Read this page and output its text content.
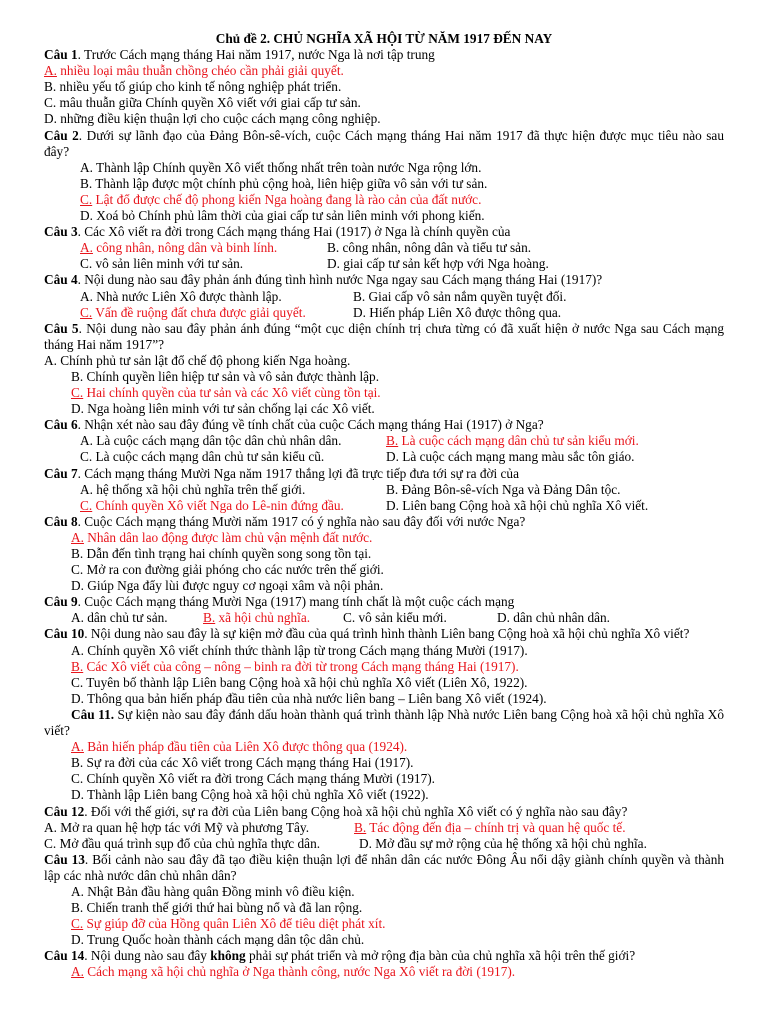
Chủ đề 2. CHỦ NGHĨA XÃ HỘI TỪ NĂM 1917 ĐẾN NAY
Câu 1. Trước Cách mạng tháng Hai năm 1917, nước Nga là nơi tập trung
A. nhiều loại mâu thuẫn chồng chéo cần phải giải quyết.
B. nhiều yếu tố giúp cho kinh tế nông nghiệp phát triển.
C. mâu thuẫn giữa Chính quyền Xô viết với giai cấp tư sản.
D. những điều kiện thuận lợi cho cuộc cách mạng công nghiệp.
Câu 2. Dưới sự lãnh đạo của Đảng Bôn-sê-vích, cuộc Cách mạng tháng Hai năm 1917 đã thực hiện được mục tiêu nào sau đây?
A. Thành lập Chính quyền Xô viết thống nhất trên toàn nước Nga rộng lớn.
B. Thành lập được một chính phủ cộng hoà, liên hiệp giữa vô sản với tư sản.
C. Lật đổ được chế độ phong kiến Nga hoàng đang là rào cản của đất nước.
D. Xoá bỏ Chính phủ lâm thời của giai cấp tư sản liên minh với phong kiến.
Câu 3. Các Xô viết ra đời trong Cách mạng tháng Hai (1917) ở Nga là chính quyền của
A. công nhân, nông dân và binh lính.	B. công nhân, nông dân và tiểu tư sản.
C. vô sản liên minh với tư sản.	D. giai cấp tư sản kết hợp với Nga hoàng.
Câu 4. Nội dung nào sau đây phản ánh đúng tình hình nước Nga ngay sau Cách mạng tháng Hai (1917)?
A. Nhà nước Liên Xô được thành lập.	B. Giai cấp vô sản nắm quyền tuyệt đối.
C. Vấn đề ruộng đất chưa được giải quyết.	D. Hiến pháp Liên Xô được thông qua.
Câu 5. Nội dung nào sau đây phản ánh đúng “một cục diện chính trị chưa từng có đã xuất hiện ở nước Nga sau Cách mạng tháng Hai năm 1917”?
A. Chính phủ tư sản lật đổ chế độ phong kiến Nga hoàng.
B. Chính quyền liên hiệp tư sản và vô sản được thành lập.
C. Hai chính quyền của tư sản và các Xô viết cùng tồn tại.
D. Nga hoàng liên minh với tư sản chống lại các Xô viết.
Câu 6. Nhận xét nào sau đây đúng về tính chất của cuộc Cách mạng tháng Hai (1917) ở Nga?
A. Là cuộc cách mạng dân tộc dân chủ nhân dân.	B. Là cuộc cách mạng dân chủ tư sản kiểu mới.
C. Là cuộc cách mạng dân chủ tư sản kiểu cũ.	D. Là cuộc cách mạng mang màu sắc tôn giáo.
Câu 7. Cách mạng tháng Mười Nga năm 1917 thắng lợi đã trực tiếp đưa tới sự ra đời của
A. hệ thống xã hội chủ nghĩa trên thế giới.	B. Đảng Bôn-sê-vích Nga và Đảng Dân tộc.
C. Chính quyền Xô viết Nga do Lê-nin đứng đầu.	D. Liên bang Cộng hoà xã hội chủ nghĩa Xô viết.
Câu 8. Cuộc Cách mạng tháng Mười năm 1917 có ý nghĩa nào sau đây đối với nước Nga?
A. Nhân dân lao động được làm chủ vận mệnh đất nước.
B. Dẫn đến tình trạng hai chính quyền song song tồn tại.
C. Mở ra con đường giải phóng cho các nước trên thế giới.
D. Giúp Nga đẩy lùi được nguy cơ ngoại xâm và nội phản.
Câu 9. Cuộc Cách mạng tháng Mười Nga (1917) mang tính chất là một cuộc cách mạng
A. dân chủ tư sản.	B. xã hội chủ nghĩa. C. vô sản kiểu mới.	D. dân chủ nhân dân.
Câu 10. Nội dung nào sau đây là sự kiện mở đầu của quá trình hình thành Liên bang Cộng hoà xã hội chủ nghĩa Xô viết?
A. Chính quyền Xô viết chính thức thành lập từ trong Cách mạng tháng Mười (1917).
B. Các Xô viết của công – nông – binh ra đời từ trong Cách mạng tháng Hai (1917).
C. Tuyên bố thành lập Liên bang Cộng hoà xã hội chủ nghĩa Xô viết (Liên Xô, 1922).
D. Thông qua bản hiến pháp đầu tiên của nhà nước liên bang – Liên bang Xô viết (1924).
Câu 11. Sự kiện nào sau đây đánh dấu hoàn thành quá trình thành lập Nhà nước Liên bang Cộng hoà xã hội chủ nghĩa Xô viết?
A. Bản hiến pháp đầu tiên của Liên Xô được thông qua (1924).
B. Sự ra đời của các Xô viết trong Cách mạng tháng Hai (1917).
C. Chính quyền Xô viết ra đời trong Cách mạng tháng Mười (1917).
D. Thành lập Liên bang Cộng hoà xã hội chủ nghĩa Xô viết (1922).
Câu 12. Đối với thế giới, sự ra đời của Liên bang Cộng hoà xã hội chủ nghĩa Xô viết có ý nghĩa nào sau đây?
A. Mở ra quan hệ hợp tác với Mỹ và phương Tây.	B. Tác động đến địa – chính trị và quan hệ quốc tế.
C. Mở đầu quá trình sụp đổ của chủ nghĩa thực dân.	D. Mở đầu sự mở rộng của hệ thống xã hội chủ nghĩa.
Câu 13. Bối cảnh nào sau đây đã tạo điều kiện thuận lợi để nhân dân các nước Đông Âu nổi dậy giành chính quyền và thành lập các nhà nước dân chủ nhân dân?
A. Nhật Bản đầu hàng quân Đồng minh vô điều kiện.
B. Chiến tranh thế giới thứ hai bùng nổ và đã lan rộng.
C. Sự giúp đỡ của Hồng quân Liên Xô để tiêu diệt phát xít.
D. Trung Quốc hoàn thành cách mạng dân tộc dân chủ.
Câu 14. Nội dung nào sau đây không phải sự phát triển và mở rộng địa bàn của chủ nghĩa xã hội trên thế giới?
A. Cách mạng xã hội chủ nghĩa ở Nga thành công, nước Nga Xô viết ra đời (1917).
